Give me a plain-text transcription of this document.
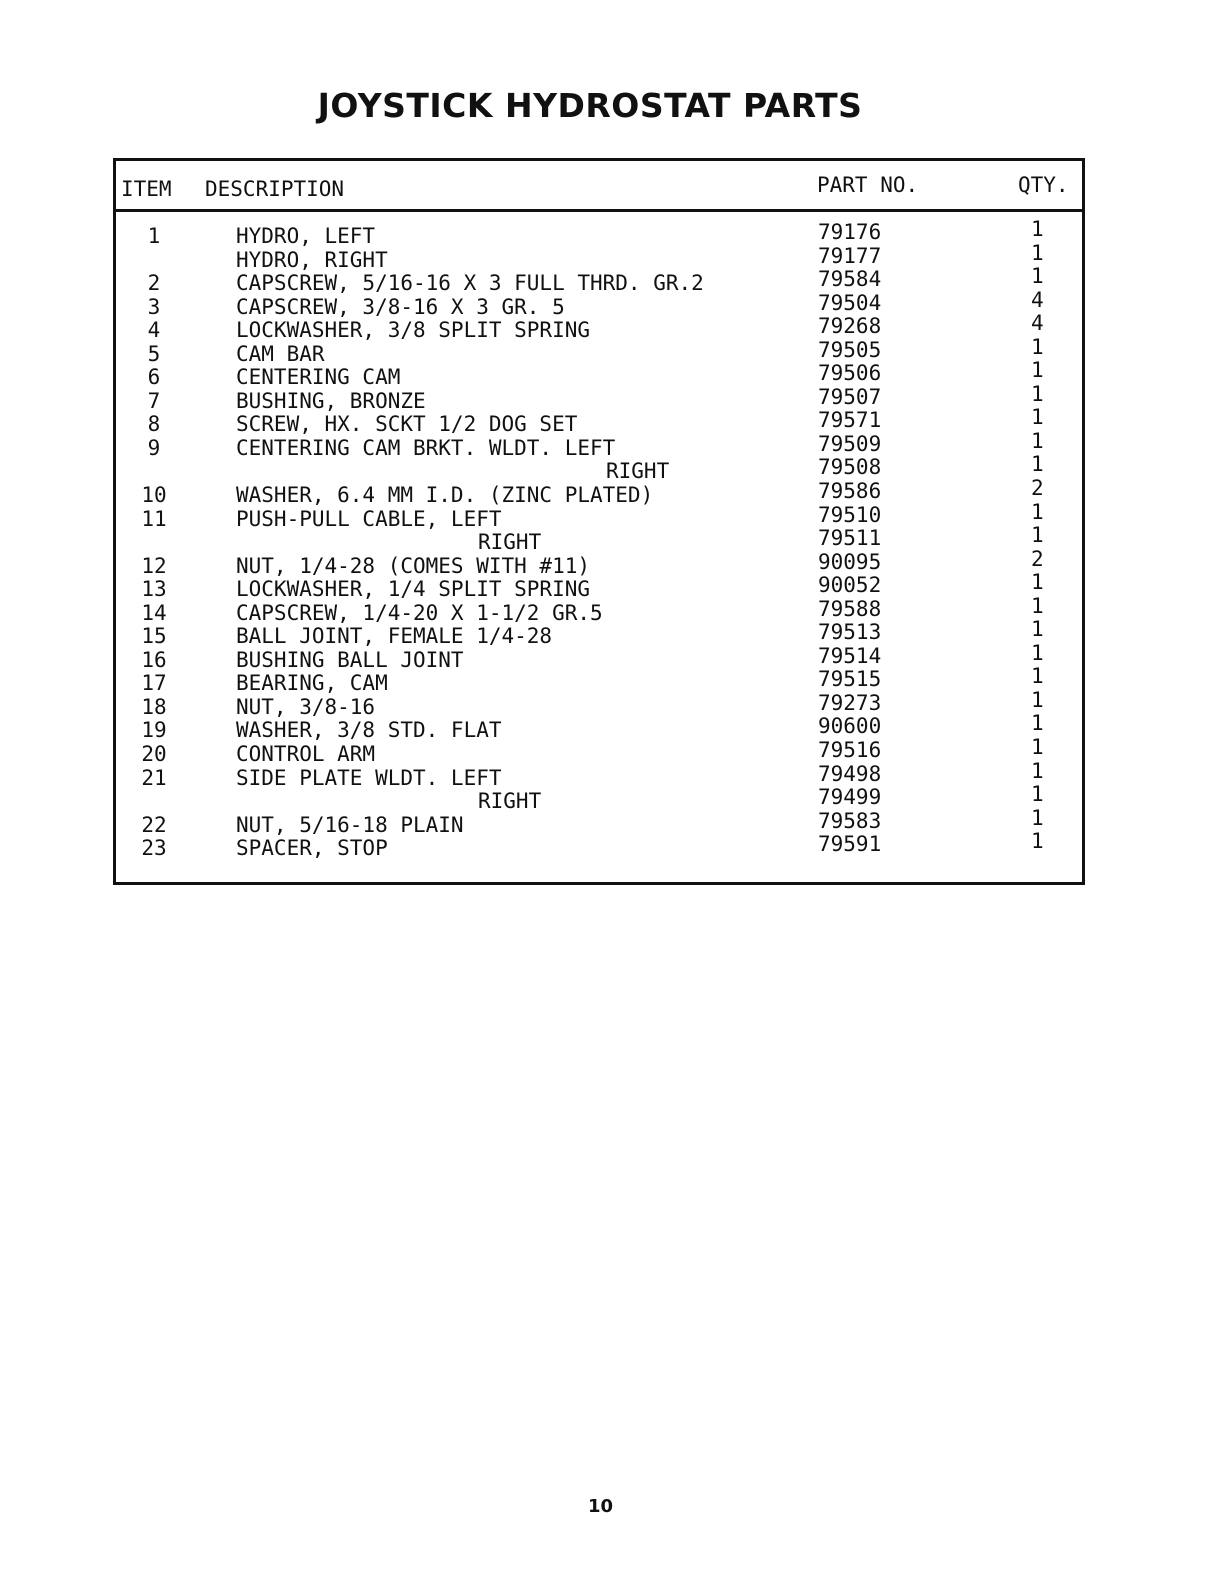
JOYSTICK HYDROSTAT PARTS
ITEM DESCRIPTION	PART NO.	QTY.
1	HYDRO, LEFT	79176	1
HYDRO, RIGHT	79177	1
2	CAPSCREW, 5/16-16 X 3 FULL THRD. GR.2	79584	1
3	CAPSCREW, 3/8-16 X 3 GR. 5	79504	4
4	LOCKWASHER, 3/8 SPLIT SPRING	79268	4
5	CAM BAR	79505	1
6	CENTERING CAM	79506	1
7	BUSHING, BRONZE	79507	1
8	SCREW, HX. SCKT 1/2 DOG SET	79571	1
9	CENTERING CAM BRKT. WLDT. LEFT	79509	1
RIGHT	79508	1
10	WASHER, 6.4 MM I.D. (ZINC PLATED)	79586	2
11	PUSH-PULL CABLE, LEFT	79510	1
RIGHT	79511	1
12	NUT, 1/4-28 (COMES WITH #11)	90095	2
13	LOCKWASHER, 1/4 SPLIT SPRING	90052	1
14	CAPSCREW, 1/4-20 X 1-1/2 GR.5	79588	1
15	BALL JOINT, FEMALE 1/4-28	79513	1
16	BUSHING BALL JOINT	79514	1
17	BEARING, CAM	79515	1
18	NUT, 3/8-16	79273	1
19	WASHER, 3/8 STD. FLAT	90600	1
20	CONTROL ARM	79516	1
21	SIDE PLATE WLDT. LEFT	79498	1
RIGHT	79499	1
22	NUT, 5/16-18 PLAIN	79583	1
23	SPACER, STOP	79591	1
10
